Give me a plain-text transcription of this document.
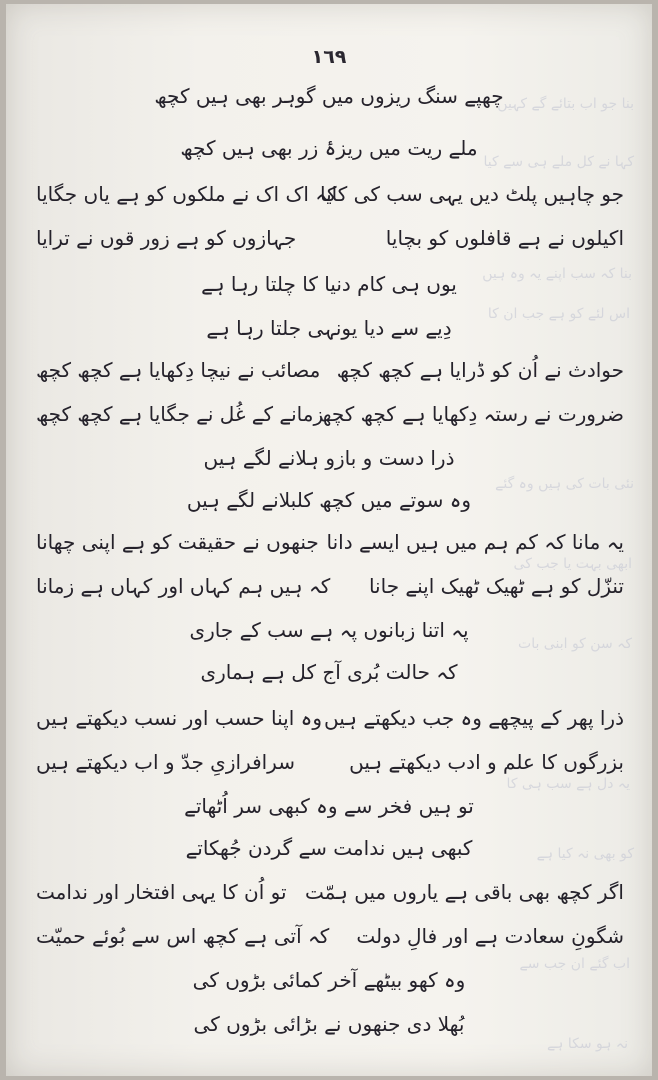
بنا جو اب بتائے گے کہیں
کہا نے کل ملے ہی سے کیا
بنا کہ سب اپنے یہ وہ ہیں
اس لئے کو ہے جب ان کا
نئی بات کی ہیں وہ گئے
ابھی بہت یا جب کی
کہ سن کو ابنی بات
یہ دل ہے سب ہی کا
کو بھی نہ کیا ہے
اب گئے ان جب سے
نہ ہو سکا ہے
١٦٩
چھپے سنگ ریزوں میں گوہر بھی ہیں کچھ
ملے ریت میں ریزۂ زر بھی ہیں کچھ
جو چاہیں پلٹ دیں یہی سب کی کایا
کہ اک اک نے ملکوں کو ہے یاں جگایا
اکیلوں نے ہے قافلوں کو بچایا
جہازوں کو ہے زور قوں نے ترایا
یوں ہی کام دنیا کا چلتا رہا ہے
دِیے سے دیا یونہی جلتا رہا ہے
حوادث نے اُن کو ڈرایا ہے کچھ کچھ
مصائب نے نیچا دِکھایا ہے کچھ کچھ
ضرورت نے رستہ دِکھایا ہے کچھ کچھ
زمانے کے غُل نے جگایا ہے کچھ کچھ
ذرا دست و بازو ہلانے لگے ہیں
وہ سوتے میں کچھ کلبلانے لگے ہیں
یہ مانا کہ کم ہم میں ہیں ایسے دانا
جنھوں نے حقیقت کو ہے اپنی چھانا
تنزّل کو ہے ٹھیک ٹھیک اپنے جانا
کہ ہیں ہم کہاں اور کہاں ہے زمانا
پہ اتنا زبانوں پہ ہے سب کے جاری
کہ حالت بُری آج کل ہے ہماری
ذرا پھر کے پیچھے وہ جب دیکھتے ہیں
وہ اپنا حسب اور نسب دیکھتے ہیں
بزرگوں کا علم و ادب دیکھتے ہیں
سرافرازیِ جدّ و اب دیکھتے ہیں
تو ہیں فخر سے وہ کبھی سر اُٹھاتے
کبھی ہیں ندامت سے گردن جُھکاتے
اگر کچھ بھی باقی ہے یاروں میں ہمّت
تو اُن کا یہی افتخار اور ندامت
شگونِ سعادت ہے اور فالِ دولت
کہ آتی ہے کچھ اس سے بُوئے حمیّت
وہ کھو بیٹھے آخر کمائی بڑوں کی
بُھلا دی جنھوں نے بڑائی بڑوں کی
